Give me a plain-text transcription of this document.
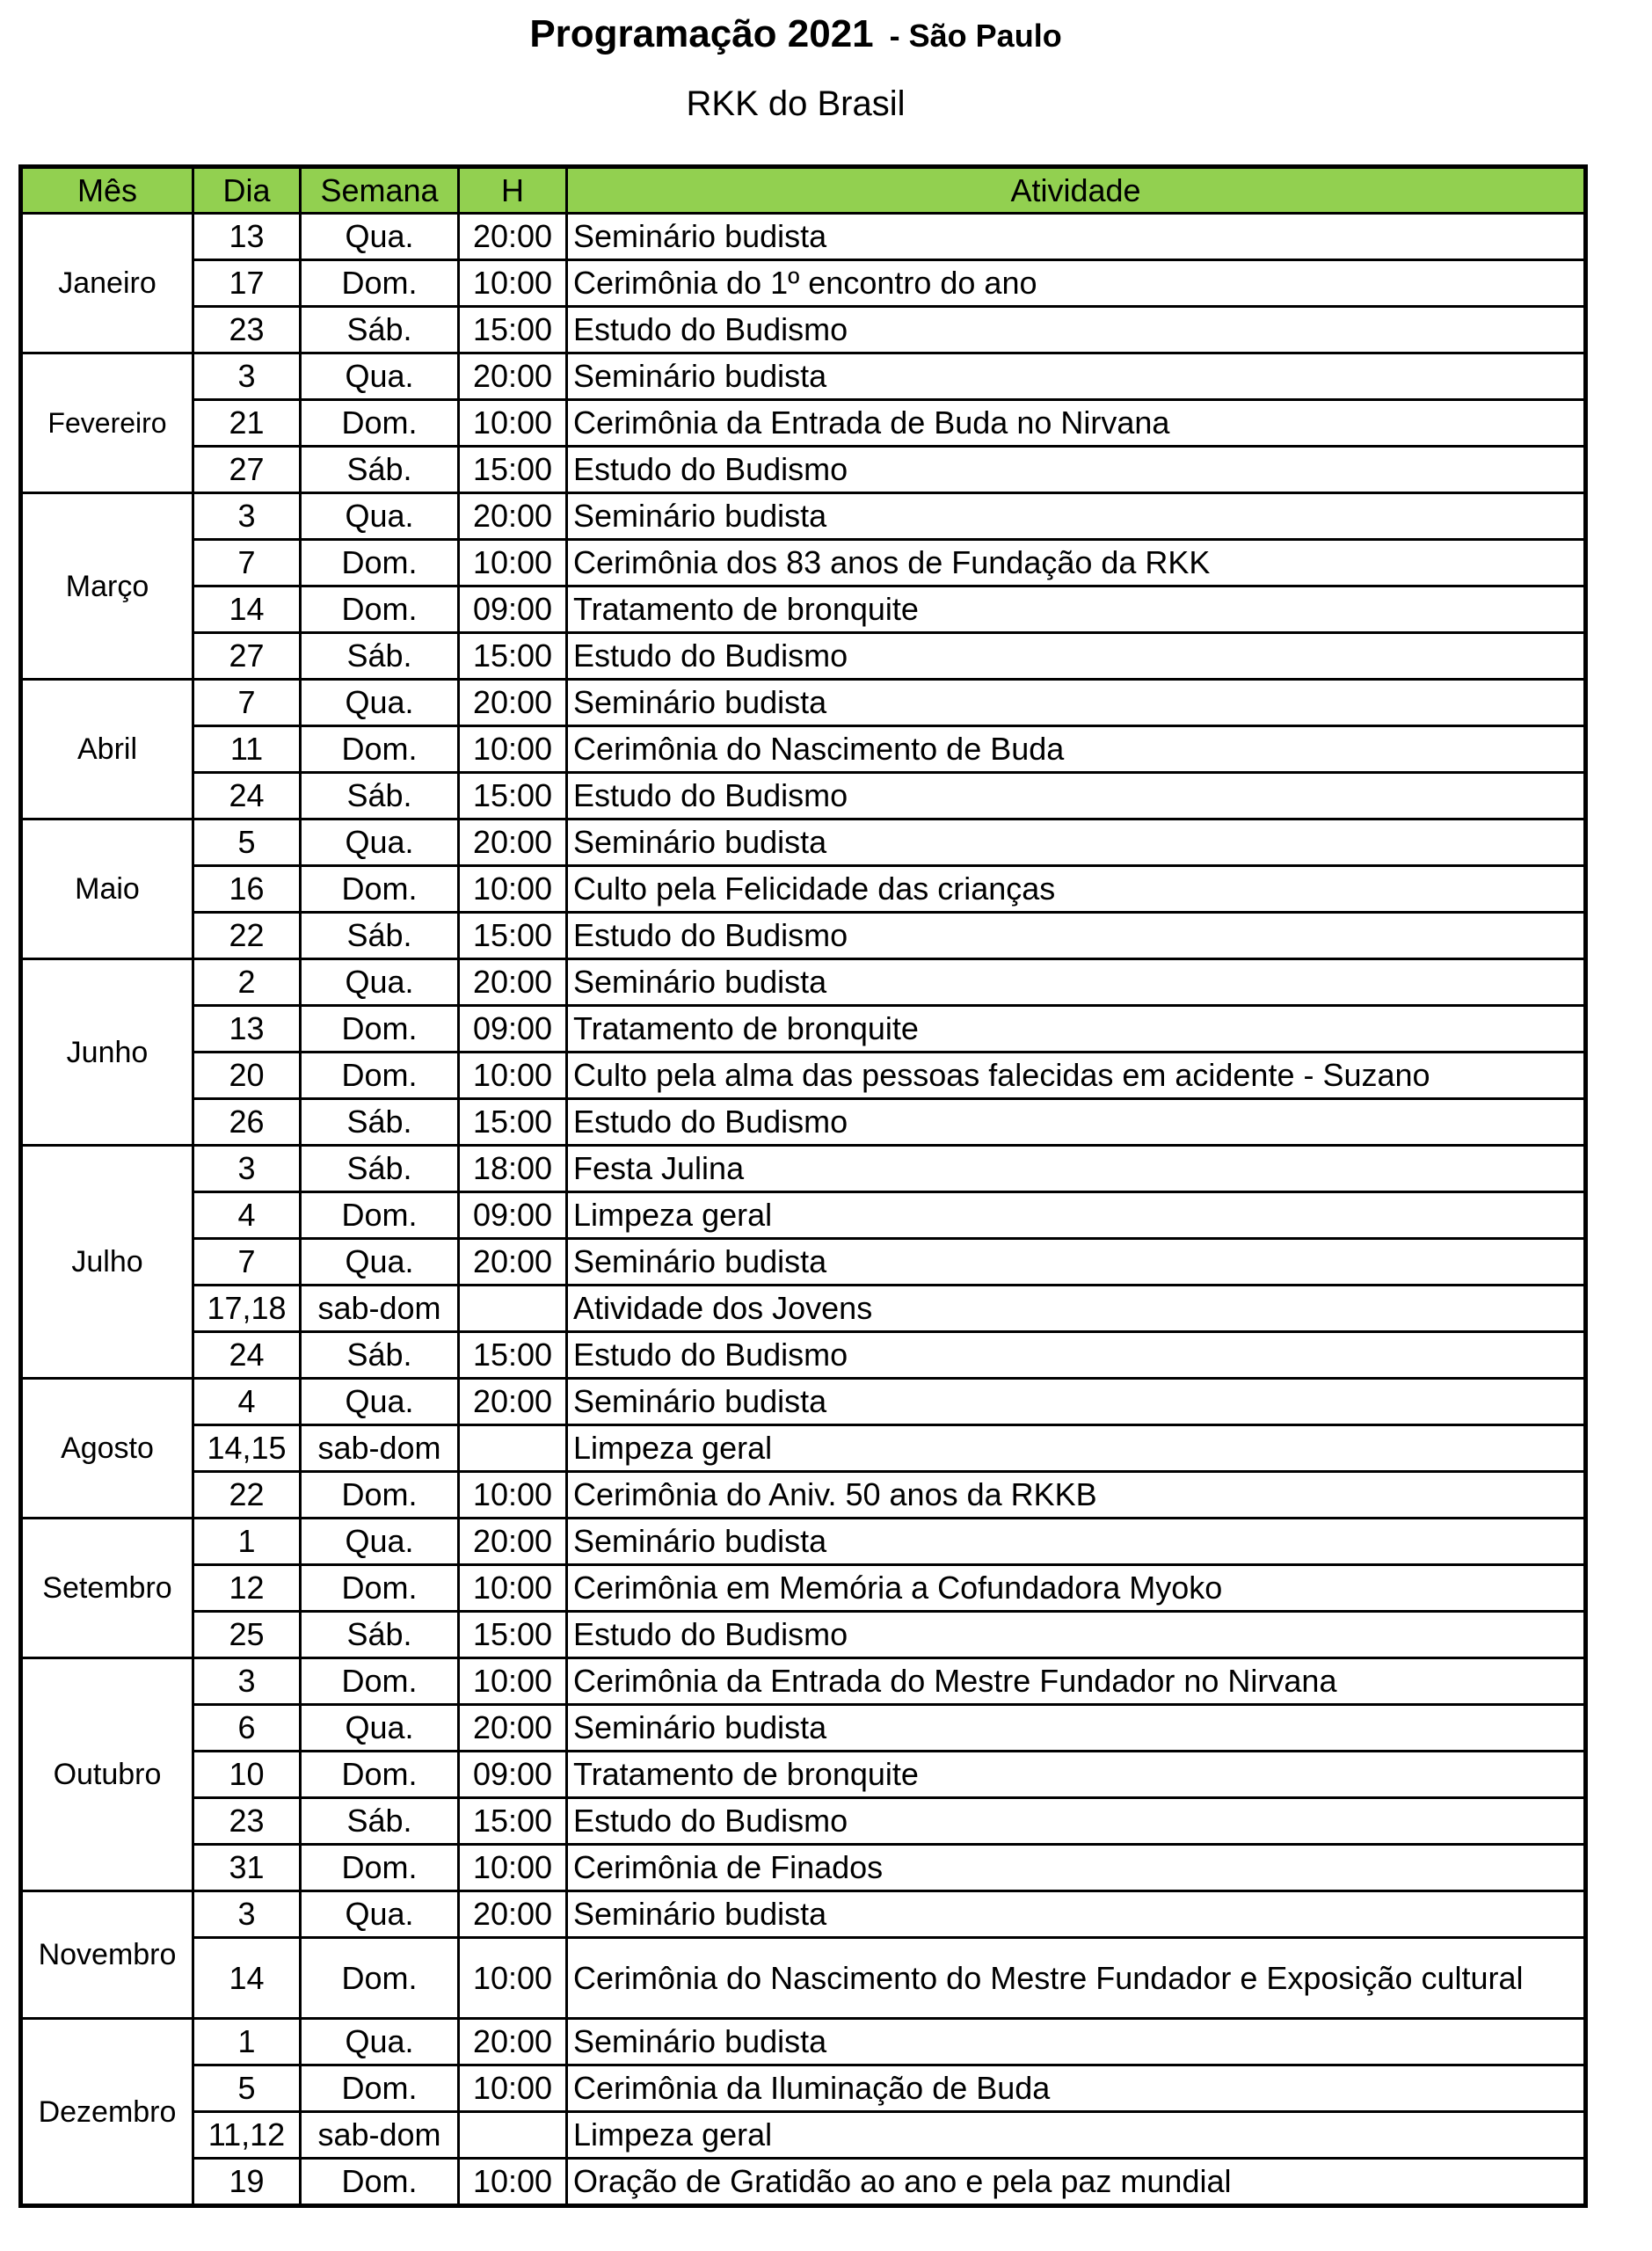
Programação 2021 - São Paulo
RKK do Brasil
Mês	Dia	Semana	H	Atividade
Janeiro	13	Qua.	20:00	Seminário budista
	17	Dom.	10:00	Cerimônia do 1º encontro do ano
	23	Sáb.	15:00	Estudo do Budismo
Fevereiro	3	Qua.	20:00	Seminário budista
	21	Dom.	10:00	Cerimônia da Entrada de Buda no Nirvana
	27	Sáb.	15:00	Estudo do Budismo
Março	3	Qua.	20:00	Seminário budista
	7	Dom.	10:00	Cerimônia dos 83 anos de Fundação da RKK
	14	Dom.	09:00	Tratamento de bronquite
	27	Sáb.	15:00	Estudo do Budismo
Abril	7	Qua.	20:00	Seminário budista
	11	Dom.	10:00	Cerimônia do Nascimento de Buda
	24	Sáb.	15:00	Estudo do Budismo
Maio	5	Qua.	20:00	Seminário budista
	16	Dom.	10:00	Culto pela Felicidade das crianças
	22	Sáb.	15:00	Estudo do Budismo
Junho	2	Qua.	20:00	Seminário budista
	13	Dom.	09:00	Tratamento de bronquite
	20	Dom.	10:00	Culto pela alma das pessoas falecidas em acidente - Suzano
	26	Sáb.	15:00	Estudo do Budismo
Julho	3	Sáb.	18:00	Festa Julina
	4	Dom.	09:00	Limpeza geral
	7	Qua.	20:00	Seminário budista
	17,18	sab-dom		Atividade dos Jovens
	24	Sáb.	15:00	Estudo do Budismo
Agosto	4	Qua.	20:00	Seminário budista
	14,15	sab-dom		Limpeza geral
	22	Dom.	10:00	Cerimônia do Aniv. 50 anos da RKKB
Setembro	1	Qua.	20:00	Seminário budista
	12	Dom.	10:00	Cerimônia em Memória a Cofundadora Myoko
	25	Sáb.	15:00	Estudo do Budismo
Outubro	3	Dom.	10:00	Cerimônia da Entrada do Mestre Fundador no Nirvana
	6	Qua.	20:00	Seminário budista
	10	Dom.	09:00	Tratamento de bronquite
	23	Sáb.	15:00	Estudo do Budismo
	31	Dom.	10:00	Cerimônia de Finados
Novembro	3	Qua.	20:00	Seminário budista
	14	Dom.	10:00	Cerimônia do Nascimento do Mestre Fundador e Exposição cultural
Dezembro	1	Qua.	20:00	Seminário budista
	5	Dom.	10:00	Cerimônia da Iluminação de Buda
	11,12	sab-dom		Limpeza geral
	19	Dom.	10:00	Oração de Gratidão ao ano e pela paz mundial
